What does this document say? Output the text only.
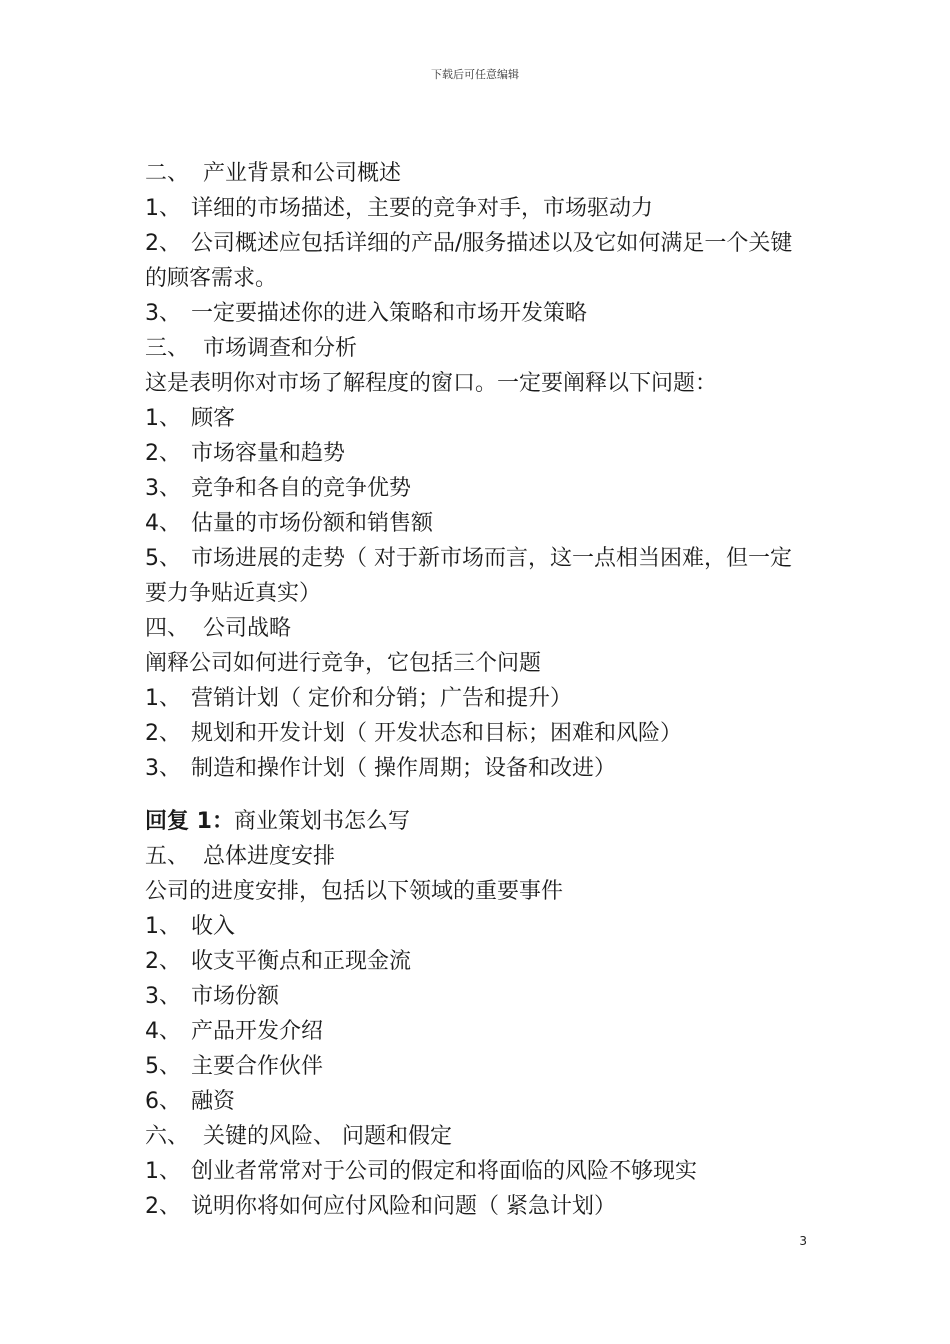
下载后可任意编辑
二、 产业背景和公司概述
1、 详细的市场描述，主要的竞争对手，市场驱动力
2、 公司概述应包括详细的产品/服务描述以及它如何满足一个关键的顾客需求。
3、 一定要描述你的进入策略和市场开发策略
三、 市场调查和分析
这是表明你对市场了解程度的窗口。一定要阐释以下问题：
1、 顾客
2、 市场容量和趋势
3、 竞争和各自的竞争优势
4、 估量的市场份额和销售额
5、 市场进展的走势（ 对于新市场而言，这一点相当困难，但一定要力争贴近真实）
四、 公司战略
阐释公司如何进行竞争，它包括三个问题
1、 营销计划（ 定价和分销；广告和提升）
2、 规划和开发计划（ 开发状态和目标；困难和风险）
3、 制造和操作计划（ 操作周期；设备和改进）
回复 1：商业策划书怎么写
五、 总体进度安排
公司的进度安排，包括以下领域的重要事件
1、 收入
2、 收支平衡点和正现金流
3、 市场份额
4、 产品开发介绍
5、 主要合作伙伴
6、 融资
六、 关键的风险、 问题和假定
1、 创业者常常对于公司的假定和将面临的风险不够现实
2、 说明你将如何应付风险和问题（ 紧急计划）
3
